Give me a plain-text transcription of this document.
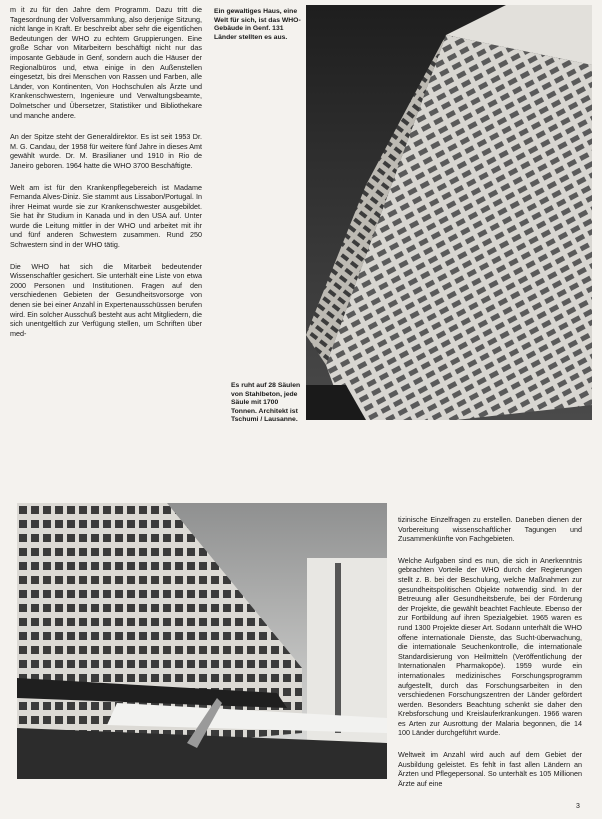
m it zu für den Jahre dem Programm. Dazu tritt die Tagesordnung der Vollversammlung, also derjenige Sitzung, nicht lange in Kraft. Er beschreibt aber sehr die eigentlichen Bedeutungen der WHO zu echtem Gruppierungen. Eine große Schar von Mitarbeitern beschäftigt nicht nur das imposante Gebäude in Genf, sondern auch die Häuser der Regionalbüros und, etwa einige in den Außenstellen eingesetzt, bis drei Menschen von Rassen und Farben, alle Länder, von Kontinenten, Von Hochschulen als Ärzte und Krankenschwestern, Ingenieure und Verwaltungsbeamte, Dolmetscher und Übersetzer, Statistiker und Bibliothekare und manche andere.

An der Spitze steht der Generaldirektor. Es ist seit 1953 Dr. M. G. Candau, der 1958 für weitere fünf Jahre in dieses Amt gewählt wurde. Dr. M. Brasilianer und 1910 in Rio de Janeiro geboren. 1964 hatte die WHO 3700 Beschäftigte.

Welt am ist für den Krankenpflegebereich ist Madame Fernanda Alves-Diniz. Sie stammt aus Lissabon/Portugal. In ihrer Heimat wurde sie zur Krankenschwester ausgebildet. Sie hat ihr Studium in Kanada und in den USA auf. Unter wurde die Leitung mittler in der WHO und arbeitet mit ihr und fünf anderen Schwestern zusammen. Rund 250 Schwestern sind in der WHO tätig.

Die WHO hat sich die Mitarbeit bedeutender Wissenschaftler gesichert. Sie unterhält eine Liste von etwa 2000 Personen und Institutionen. Fragen auf den verschiedenen Gebieten der Gesundheitsvorsorge von denen sie bei einer Anzahl in Expertenausschüssen berufen wird. Ein solcher Ausschuß besteht aus acht Mitgliedern, die sich unentgeltlich zur Verfügung stellen, um Schriften über med-

Ein gewaltiges Haus, eine Welt für sich, ist das WHO-Gebäude in Genf. 131 Länder stellten es aus.
Es ruht auf 28 Säulen von Stahlbeton, jede Säule mit 1700 Tonnen. Architekt ist Tschumi / Lausanne.

tizinische Einzelfragen zu erstellen. Daneben dienen der Vorbereitung wissenschaftlicher Tagungen und Zusammenkünfte von Fachgebieten.

Welche Aufgaben sind es nun, die sich in Anerkenntnis gebrachten Vorteile der WHO durch der Regierungen stellt z. B. bei der Beschulung, welche Maßnahmen zur gesundheitspolitischen Objekte notwendig sind. In der Betreuung aller Gesundheitsberufe, bei der Förderung der Projekte, die gewählt beachtet Fachleute. Ebenso der zur Fortbildung auf ihren Spezialgebiet. 1965 waren es rund 1300 Projekte dieser Art. Sodann unterhält die WHO offene internationale Dienste, das Sucht-überwachung, die internationale Seuchenkontrolle, die internationale Standardisierung von Heilmitteln (Veröffentlichung der Internationalen Pharmakopöe). 1959 wurde ein internationales medizinisches Forschungsprogramm aufgestellt, durch das Forschungsarbeiten in den verschiedenen Forschungszentren der Länder gefördert werden. Besonders Beachtung schenkt sie daher den Krebsforschung und Kreislauferkrankungen. 1966 waren es Arten zur Ausrottung der Malaria begonnen, die 14 100 Länder durchgeführt wurde.

Weltweit im Anzahl wird auch auf dem Gebiet der Ausbildung geleistet. Es fehlt in fast allen Ländern an Ärzten und Pflegepersonal. So unterhält es 105 Millionen Ärzte auf eine

3
